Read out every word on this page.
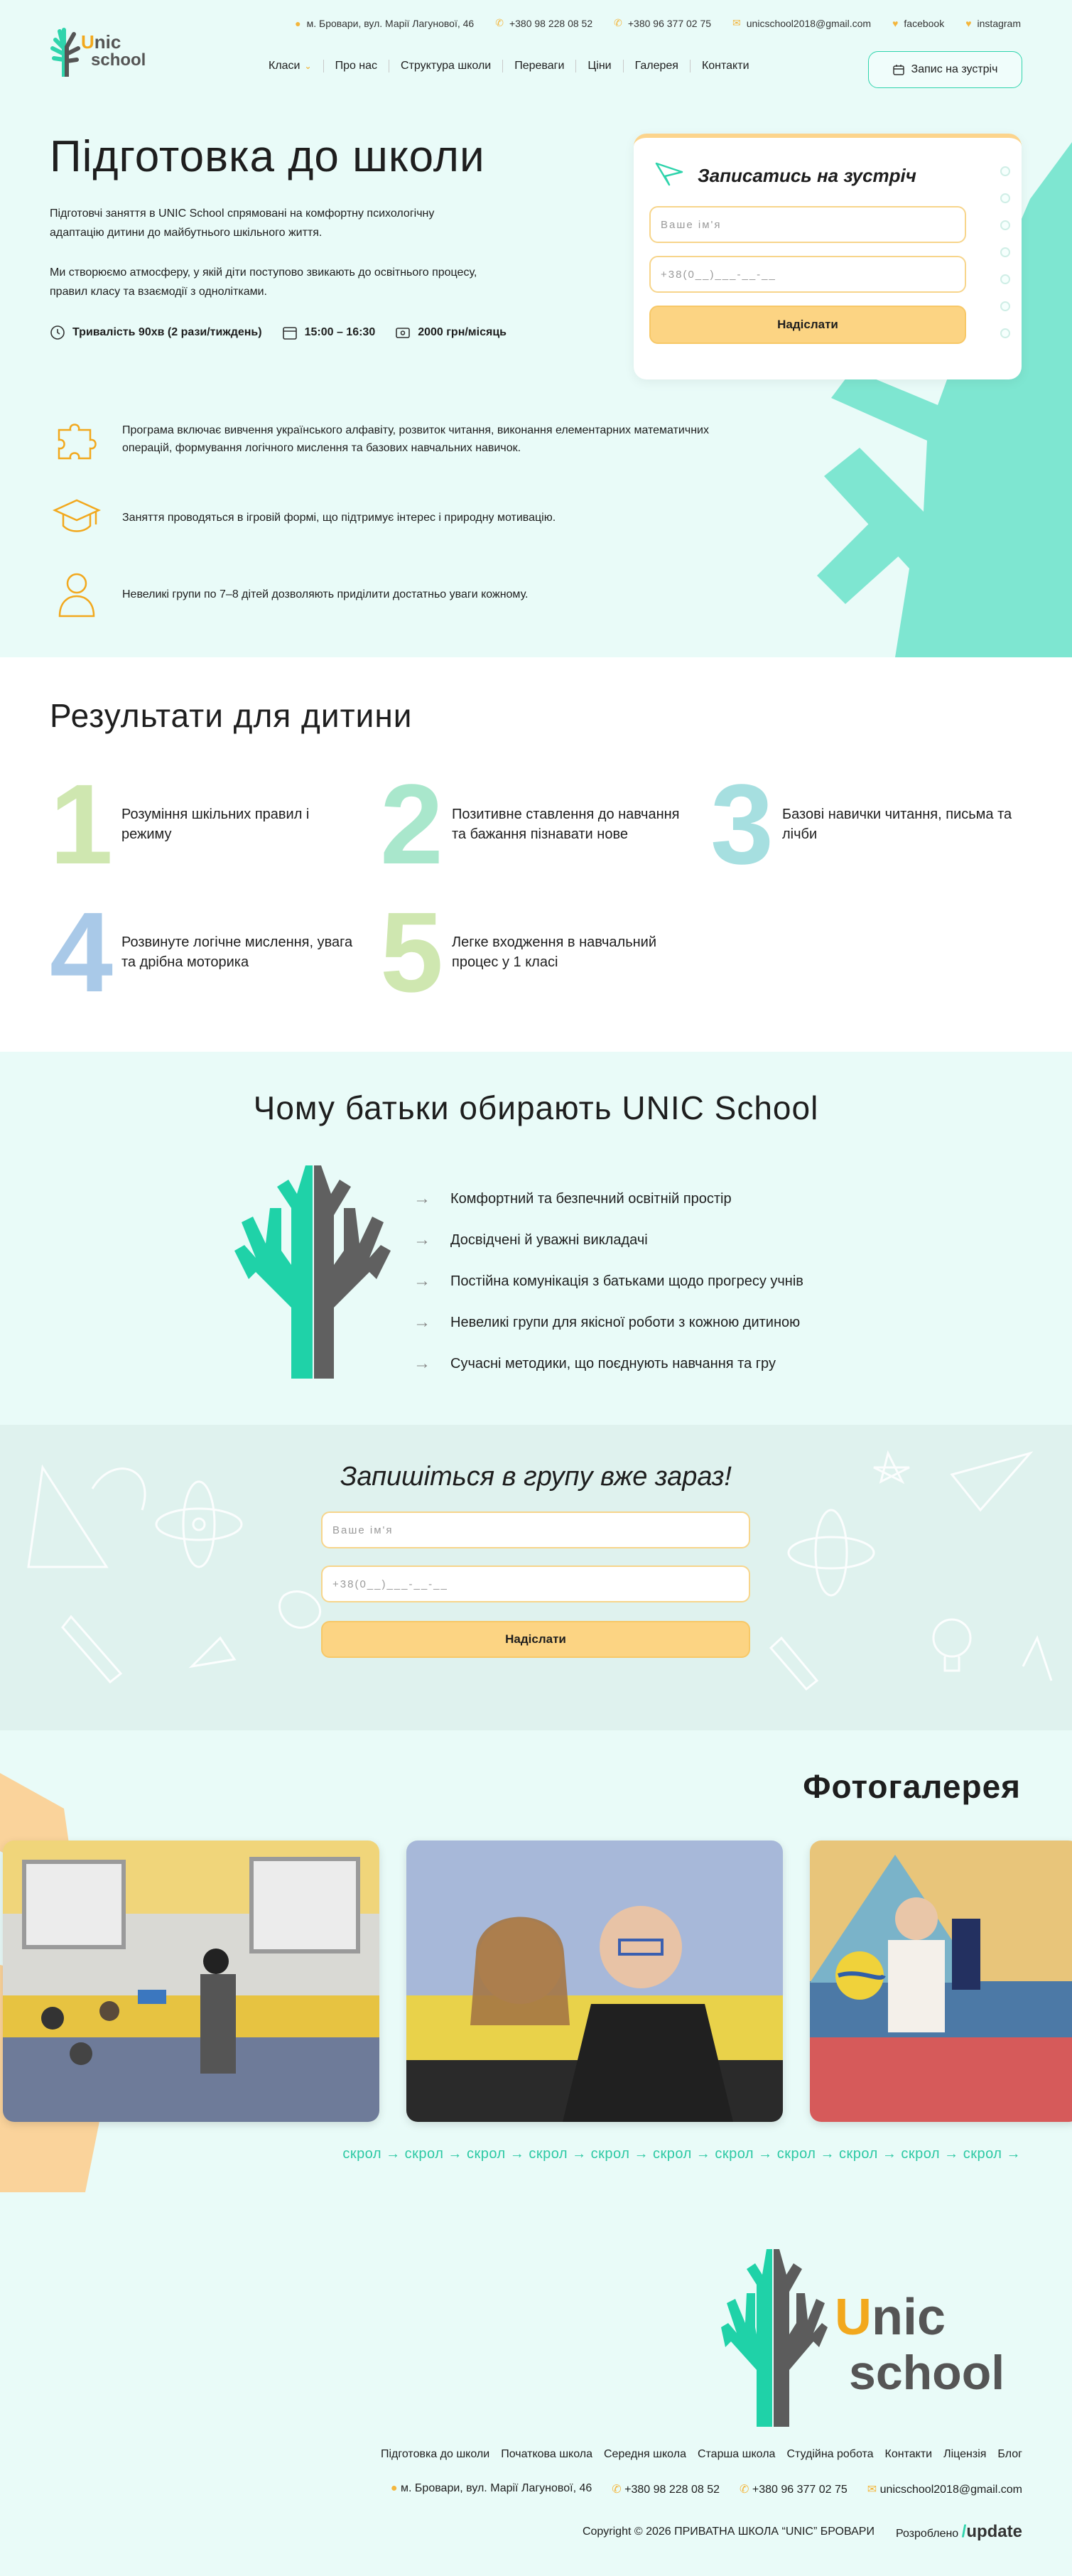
● м. Бровари, вул. Марії Лагунової, 46 ✆ +380 98 228 08 52 ✆ +380 96 377 02 75 ✉ unicschool2018@gmail.com ♥ facebook ♥ instagram
Unic
school	Класи ⌄	Про нас	Структура школи	Переваги	Ціни	Галерея	Контакти	Запис на зустріч
Підготовка до школи

Підготовчі заняття в UNIC School спрямовані на комфортну психологічну адаптацію дитини до майбутнього шкільного життя.

Ми створюємо атмосферу, у якій діти поступово звикають до освітнього процесу, правил класу та взаємодії з однолітками.

Тривалість 90хв (2 рази/тиждень)	15:00 – 16:30	2000 грн/місяць
Програма включає вивчення українського алфавіту, розвиток читання, виконання елементарних математичних операцій, формування логічного мислення та базових навчальних навичок.
Заняття проводяться в ігровій формі, що підтримує інтерес і природну мотивацію.
Невеликі групи по 7–8 дітей дозволяють приділити достатньо уваги кожному.
Записатись на зустріч
Ваше ім'я
+38(0__)___-__-__
Надіслати
Результати для дитини
1 Розуміння шкільних правил і режиму	2 Позитивне ставлення до навчання та бажання пізнавати нове 3 Базові навички читання, письма та лічби
4 Розвинуте логічне мислення, увага та дрібна моторика	5 Легке входження в навчальний процес у 1 класі
Чому батьки обирають UNIC School
→ Комфортний та безпечний освітній простір
→ Досвідчені й уважні викладачі
→ Постійна комунікація з батьками щодо прогресу учнів
→ Невеликі групи для якісної роботи з кожною дитиною
→ Сучасні методики, що поєднують навчання та гру
Запишіться в групу вже зараз!
Ваше ім'я
+38(0__)___-__-__
Надіслати
Фотогалерея
скрол → скрол → скрол → скрол → скрол → скрол → скрол → скрол → скрол → скрол → скрол →
Unic
school
Підготовка до школи Початкова школа Середня школа Старша школа Студійна робота Контакти Ліцензія Блог
● м. Бровари, вул. Марії Лагунової, 46 ✆ +380 98 228 08 52 ✆ +380 96 377 02 75 ✉ unicschool2018@gmail.com
Copyright © 2026 ПРИВАТНА ШКОЛА “UNIC” БРОВАРИ Розроблено /update
